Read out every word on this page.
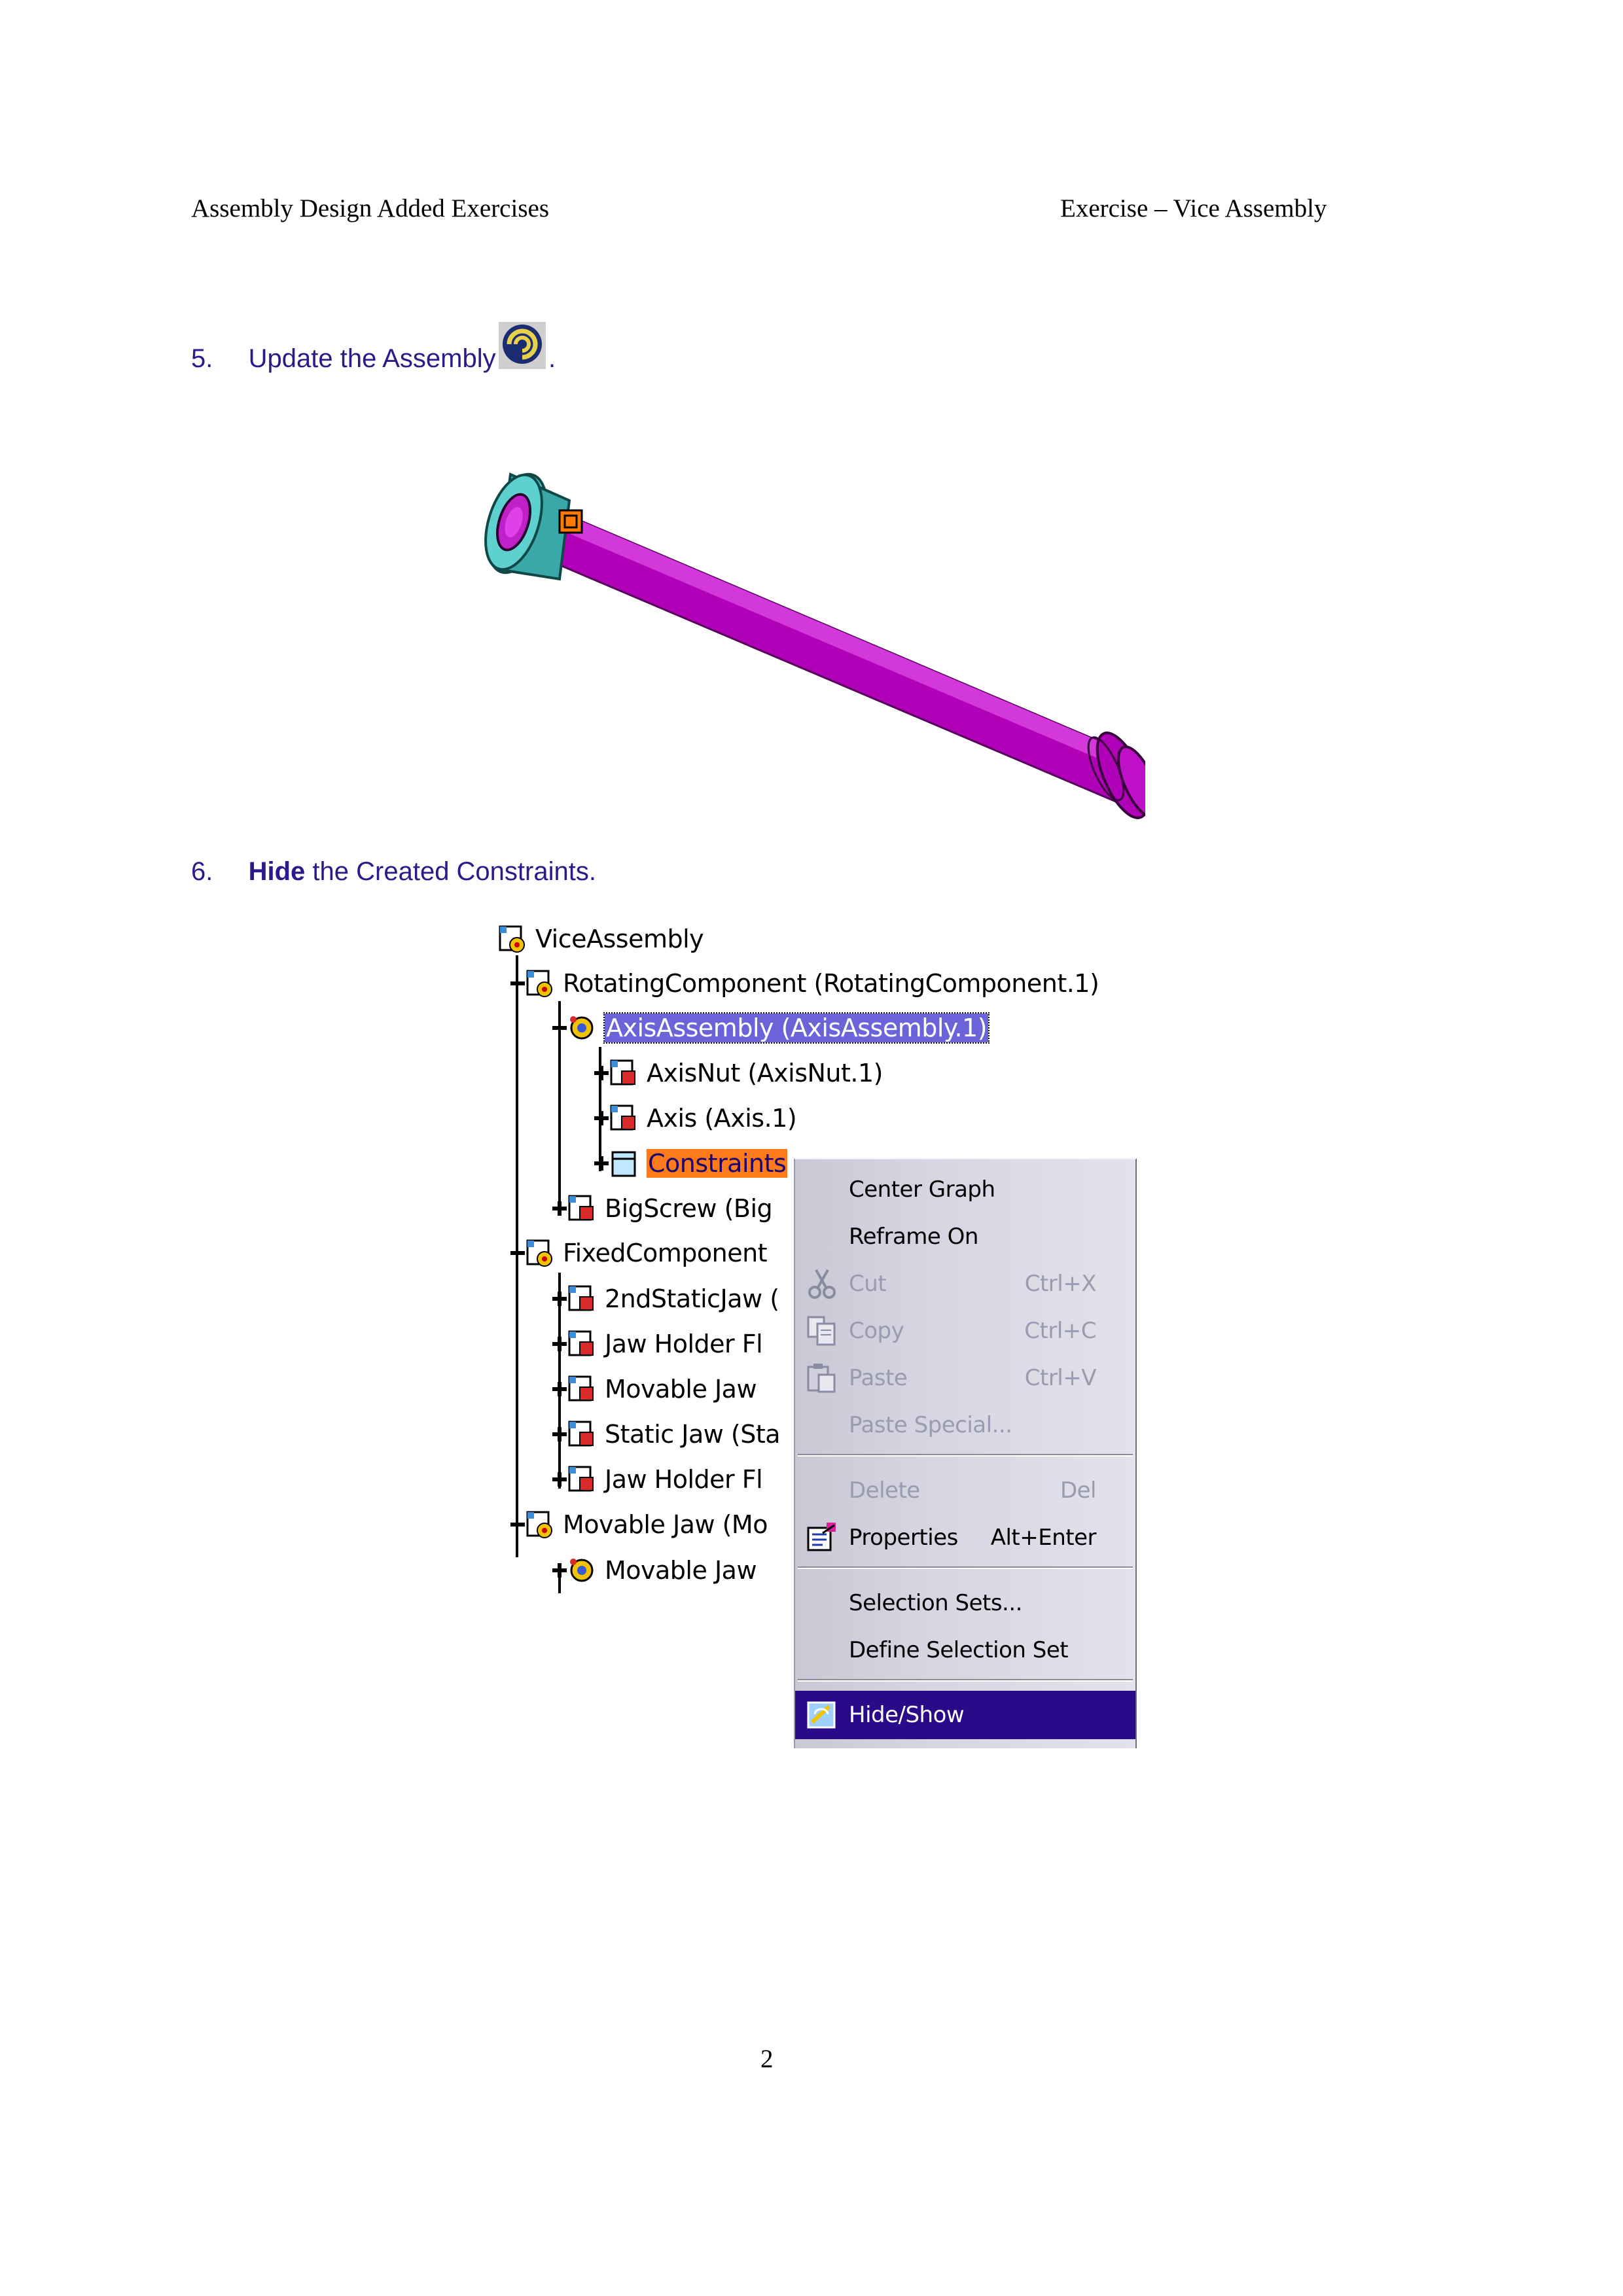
Assembly Design Added Exercises	Exercise – Vice Assembly
5. Update the Assembly .
6. Hide the Created Constraints.
ViceAssembly
RotatingComponent (RotatingComponent.1)
AxisAssembly (AxisAssembly.1)
AxisNut (AxisNut.1)
Axis (Axis.1)
Constraints
BigScrew (Big
FixedComponent
2ndStaticJaw (
Jaw Holder Fl
Movable Jaw
Static Jaw (Sta
Jaw Holder Fl
Movable Jaw (Mo
Movable Jaw
Center Graph
Reframe On
Cut	Ctrl+X
Copy	Ctrl+C
Paste	Ctrl+V
Paste Special...
Delete	Del
Properties Alt+Enter
Selection Sets...
Define Selection Set
Hide/Show
2
